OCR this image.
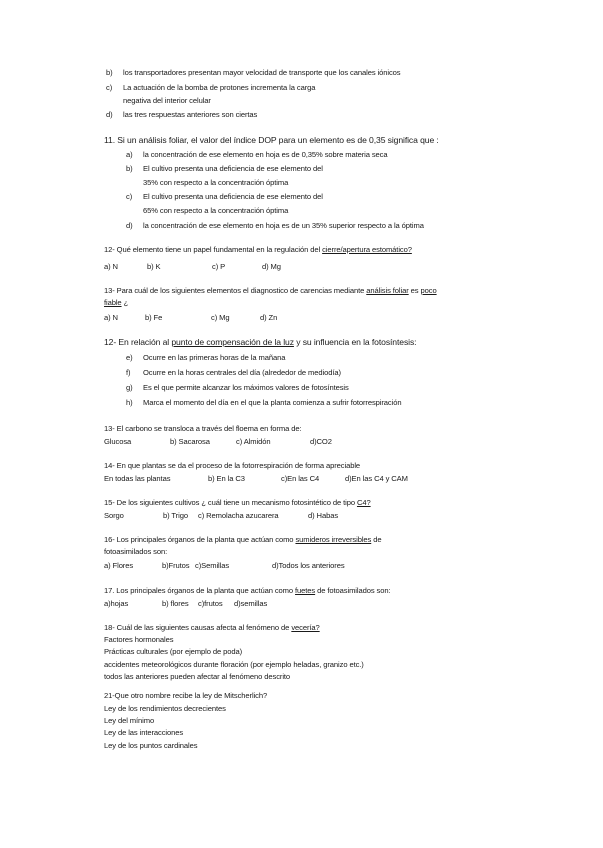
b) los transportadores presentan mayor velocidad de transporte que los canales iónicos
c) La actuación de la bomba de protones incrementa la carga
negativa del interior celular
d) las tres respuestas anteriores son ciertas
11. Si un análisis foliar, el valor del índice DOP para un elemento es de 0,35 significa que :
a) la concentración de ese elemento en hoja es de 0,35% sobre materia seca
b) El cultivo presenta una deficiencia de ese elemento del
35% con respecto a la concentración óptima
c) El cultivo presenta una deficiencia de ese elemento del
65% con respecto a la concentración óptima
d) la concentración de ese elemento en hoja es de un 35% superior respecto a la óptima
12- Qué elemento tiene un papel fundamental en la regulación del cierre/apertura estomático?
a) N	b) K	c) P	d) Mg
13- Para cuál de los siguientes elementos el diagnostico de carencias mediante análisis foliar es poco
fiable ¿
a) N	b) Fe	c) Mg	d) Zn
12- En relación al punto de compensación de la luz y su influencia en la fotosíntesis:
e) Ocurre en las primeras horas de la mañana
f) Ocurre en la horas centrales del día (alrededor de mediodía)
g) Es el que permite alcanzar los máximos valores de fotosíntesis
h) Marca el momento del día en el que la planta comienza a sufrir fotorrespiración
13- El carbono se transloca a través del floema en forma de:
Glucosa	b) Sacarosa	c) Almidón	d)CO2
14- En que plantas se da el proceso de la fotorrespiración de forma apreciable
En todas las plantas	b) En la C3	c)En las C4	d)En las C4 y CAM
15- De los siguientes cultivos ¿ cuál tiene un mecanismo fotosintético de tipo C4?
Sorgo	b) Trigo c) Remolacha azucarera	d) Habas
16- Los principales órganos de la planta que actúan como sumideros irreversibles de
fotoasimilados son:
a) Flores	b)Frutos c)Semillas	d)Todos los anteriores
17. Los principales órganos de la planta que actúan como fuetes de fotoasimilados son:
a)hojas	b) flores c)frutos d)semillas
18- Cuál de las siguientes causas afecta al fenómeno de vecería?
Factores hormonales
Prácticas culturales (por ejemplo de poda)
accidentes meteorológicos durante floración (por ejemplo heladas, granizo etc.)
todos las anteriores pueden afectar al fenómeno descrito
21-Que otro nombre recibe la ley de Mitscherlich?
Ley de los rendimientos decrecientes
Ley del mínimo
Ley de las interacciones
Ley de los puntos cardinales
